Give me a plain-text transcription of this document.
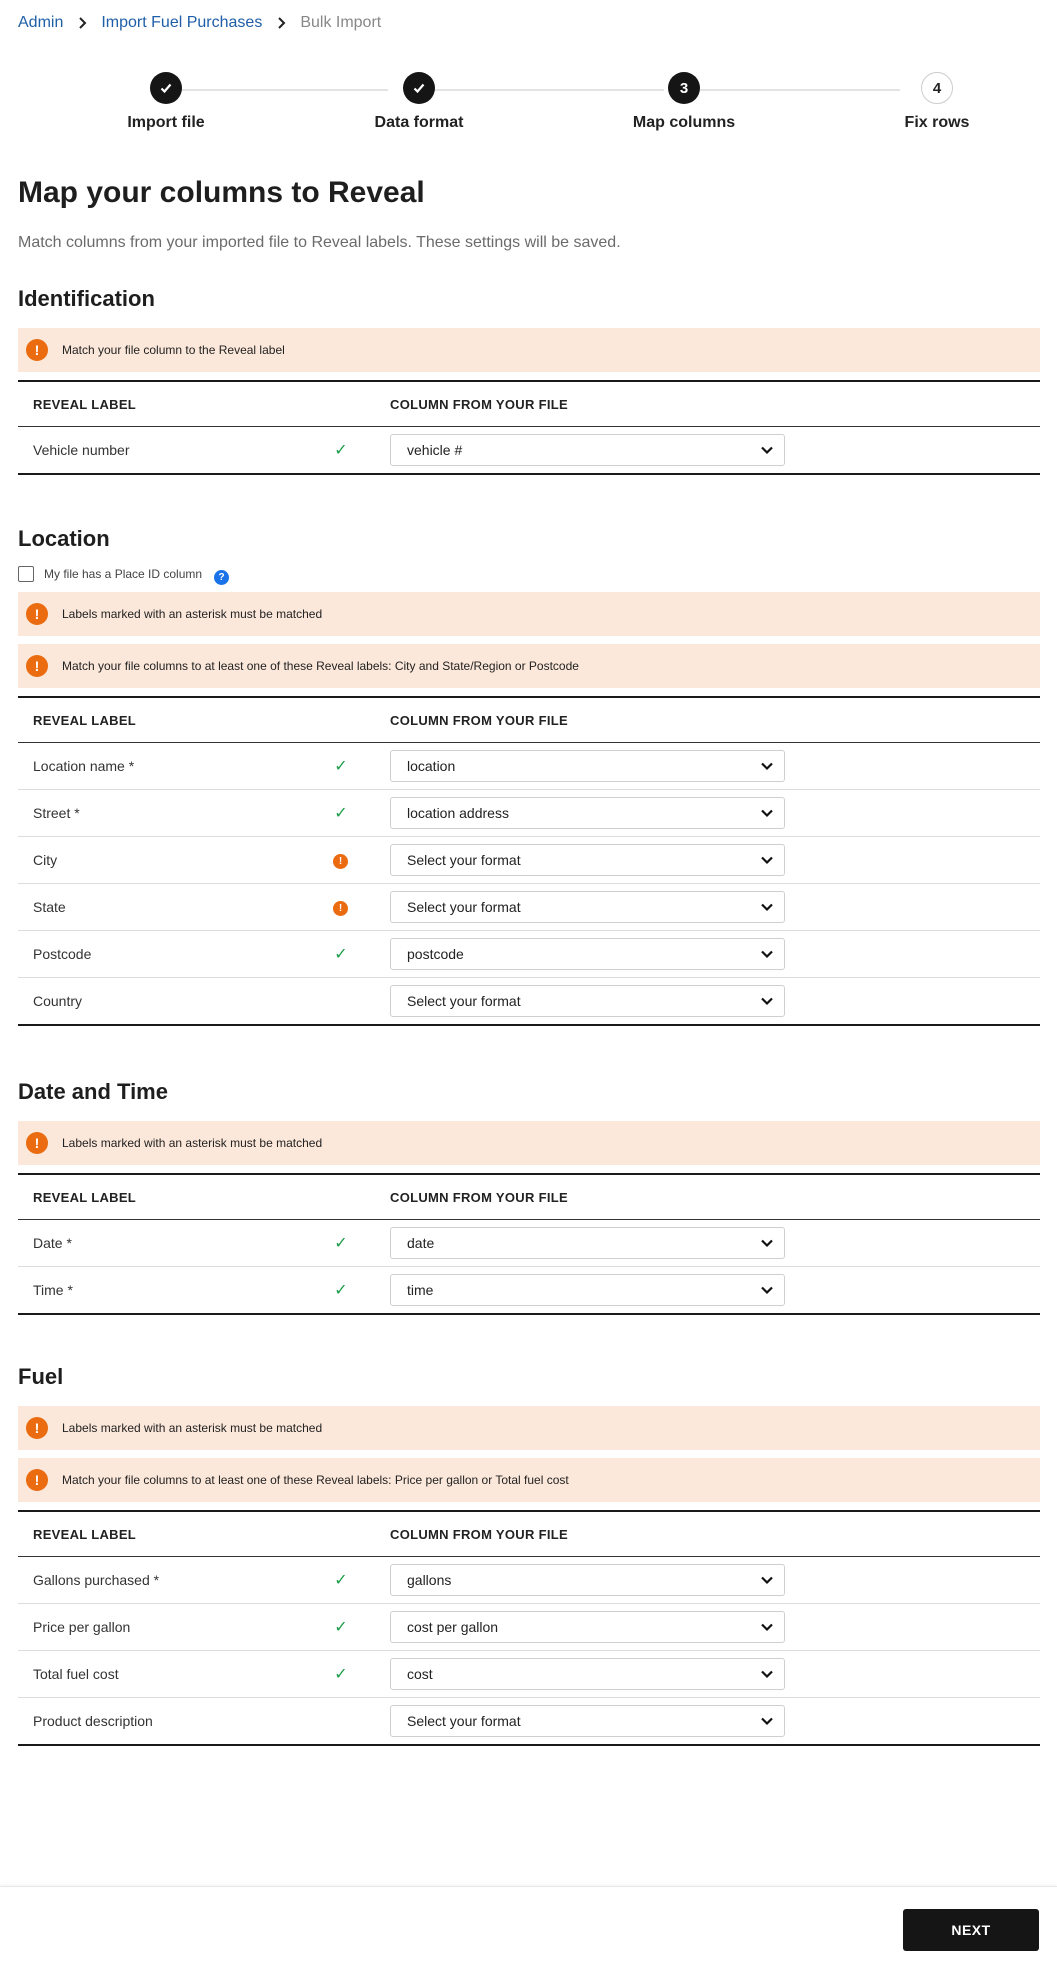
Admin Import Fuel Purchases Bulk Import
Import file	Data format
3
Map columns
4
Fix rows
Map your columns to Reveal
Match columns from your imported file to Reveal labels. These settings will be saved.
Identification
!	Match your file column to the Reveal label
REVEAL LABEL		COLUMN FROM YOUR FILE
Vehicle number	✓	vehicle #
Location
My file has a Place ID column	?
!	Labels marked with an asterisk must be matched
!	Match your file columns to at least one of these Reveal labels: City and State/Region or Postcode
REVEAL LABEL		COLUMN FROM YOUR FILE
Location name *	✓	location

Street *	✓	location address

City	!	Select your format

State	!	Select your format

Postcode	✓	postcode

Country		Select your format
Date and Time
!	Labels marked with an asterisk must be matched
REVEAL LABEL		COLUMN FROM YOUR FILE
Date *	✓	date

Time *	✓	time
Fuel
!	Labels marked with an asterisk must be matched
!	Match your file columns to at least one of these Reveal labels: Price per gallon or Total fuel cost
REVEAL LABEL		COLUMN FROM YOUR FILE
Gallons purchased *	✓	gallons

Price per gallon	✓	cost per gallon

Total fuel cost	✓	cost

Product description		Select your format
NEXT
